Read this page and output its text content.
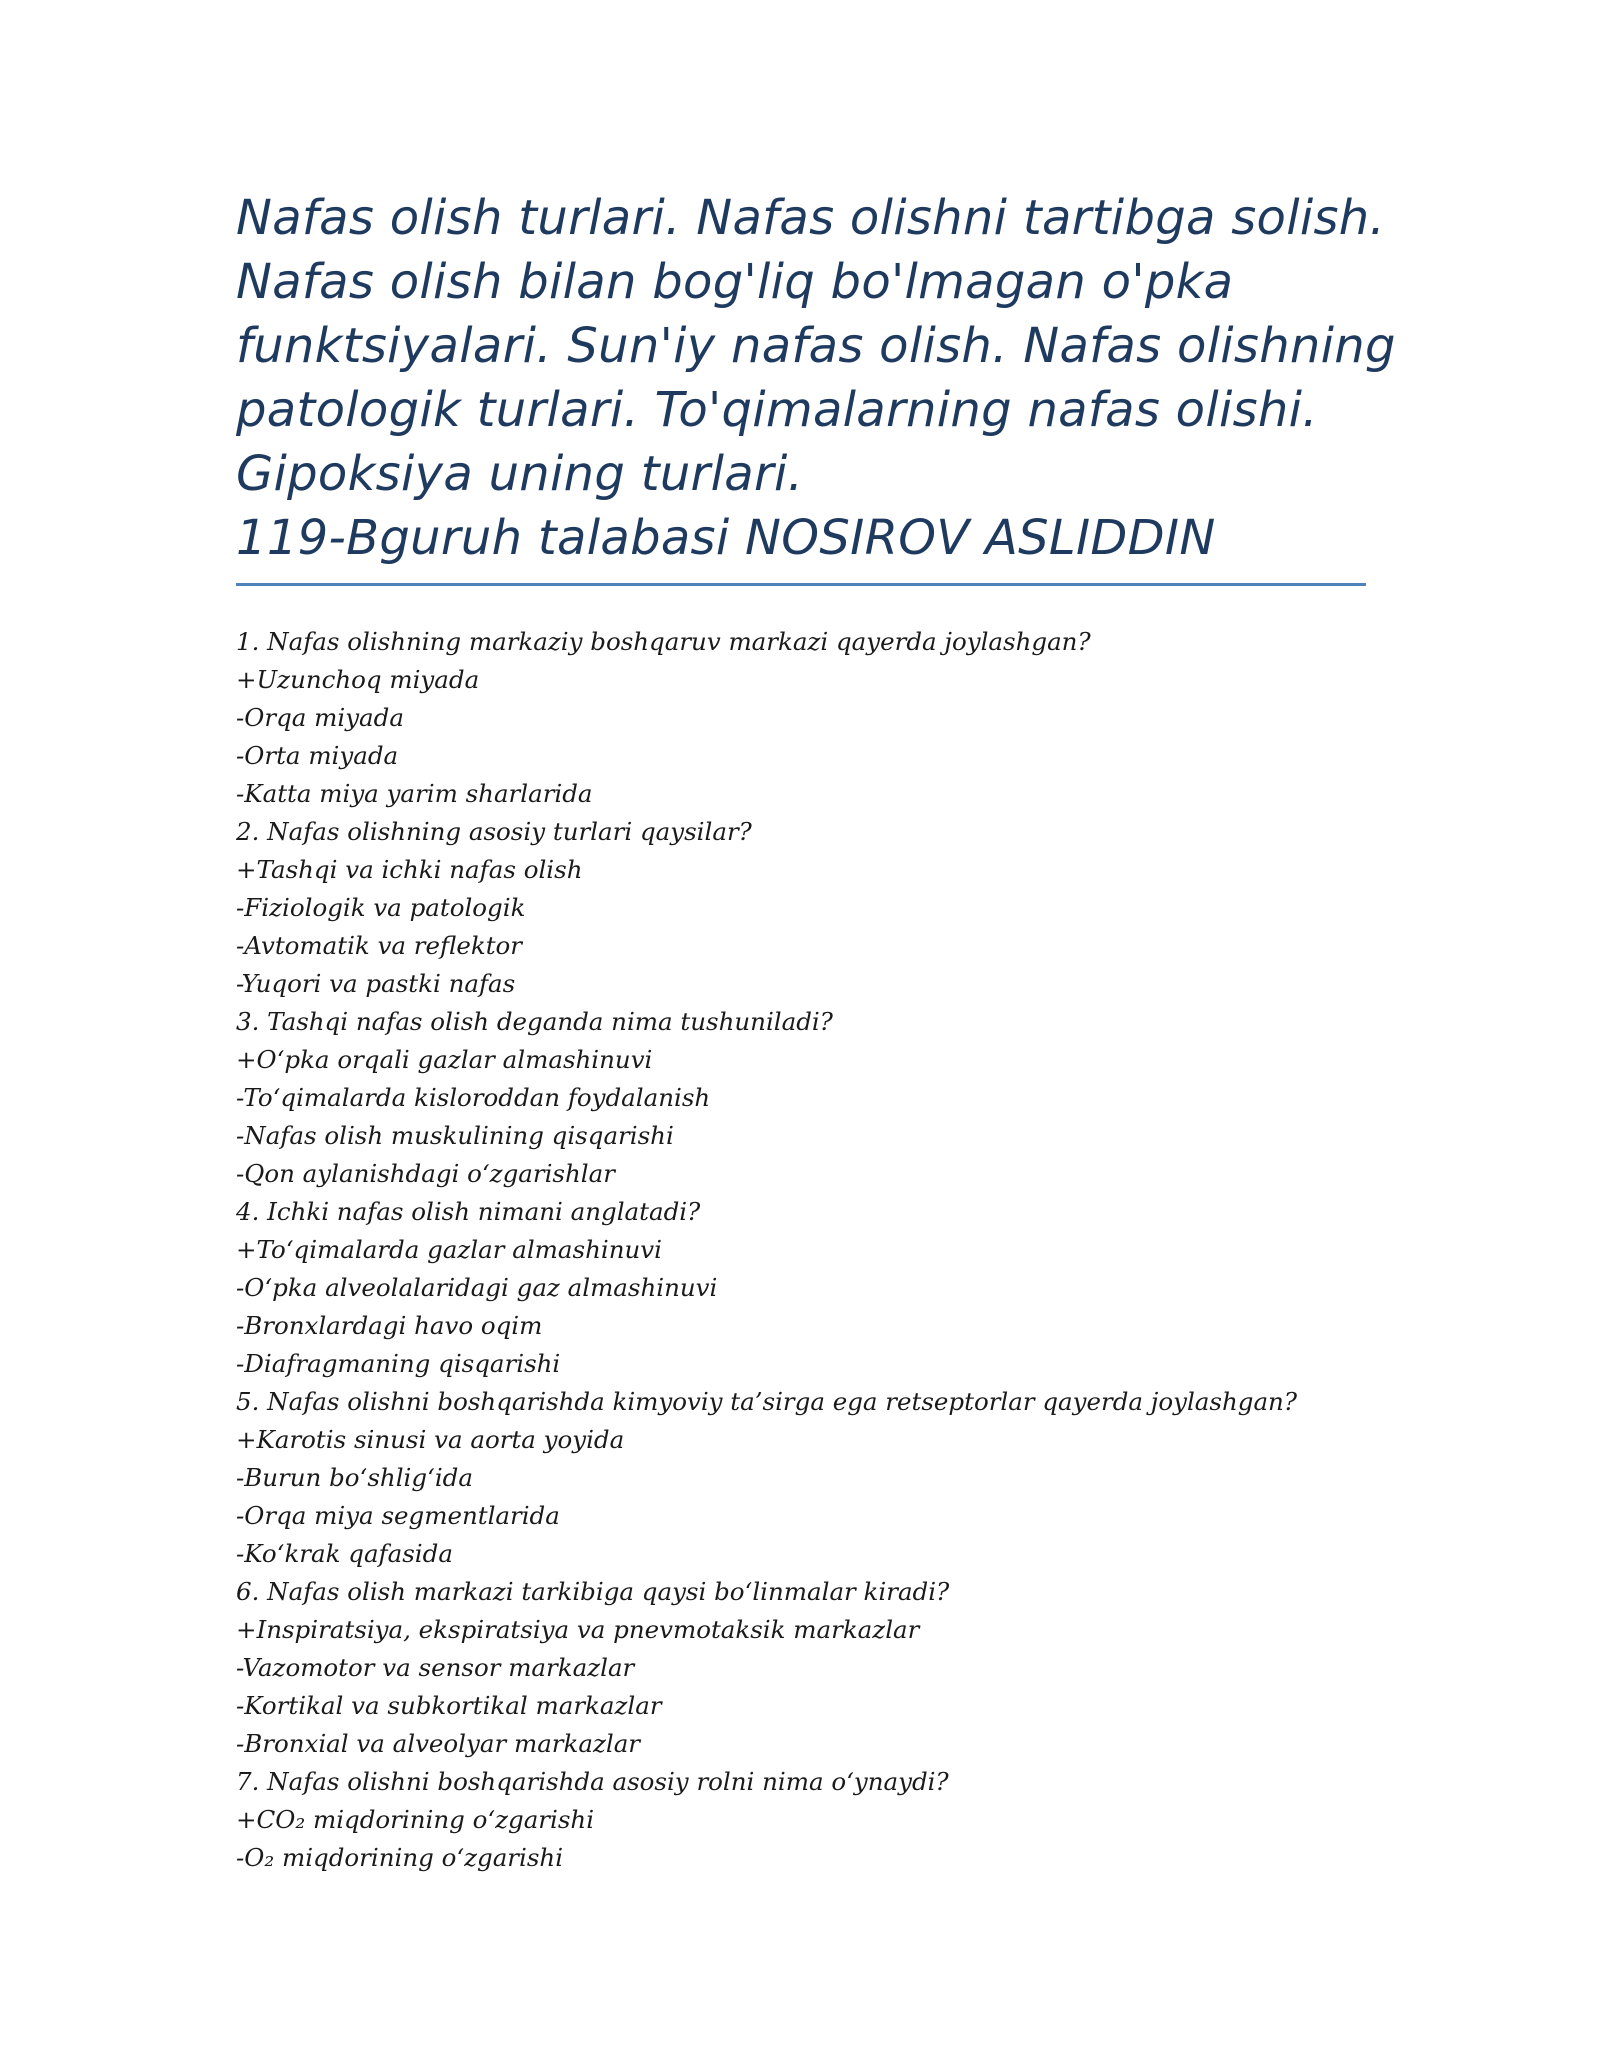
Nafas olish turlari. Nafas olishni tartibga solish.
Nafas olish bilan bog'liq bo'lmagan o'pka
funktsiyalari. Sun'iy nafas olish. Nafas olishning
patologik turlari. To'qimalarning nafas olishi.
Gipoksiya uning turlari.
119-Bguruh talabasi NOSIROV ASLIDDIN
1. Nafas olishning markaziy boshqaruv markazi qayerda joylashgan?
+Uzunchoq miyada
-Orqa miyada
-Orta miyada
-Katta miya yarim sharlarida
2. Nafas olishning asosiy turlari qaysilar?
+Tashqi va ichki nafas olish
-Fiziologik va patologik
-Avtomatik va reflektor
-Yuqori va pastki nafas
3. Tashqi nafas olish deganda nima tushuniladi?
+O‘pka orqali gazlar almashinuvi
-To‘qimalarda kisloroddan foydalanish
-Nafas olish muskulining qisqarishi
-Qon aylanishdagi o‘zgarishlar
4. Ichki nafas olish nimani anglatadi?
+To‘qimalarda gazlar almashinuvi
-O‘pka alveolalaridagi gaz almashinuvi
-Bronxlardagi havo oqim
-Diafragmaning qisqarishi
5. Nafas olishni boshqarishda kimyoviy ta’sirga ega retseptorlar qayerda joylashgan?
+Karotis sinusi va aorta yoyida
-Burun bo‘shlig‘ida
-Orqa miya segmentlarida
-Ko‘krak qafasida
6. Nafas olish markazi tarkibiga qaysi bo‘linmalar kiradi?
+Inspiratsiya, ekspiratsiya va pnevmotaksik markazlar
-Vazomotor va sensor markazlar
-Kortikal va subkortikal markazlar
-Bronxial va alveolyar markazlar
7. Nafas olishni boshqarishda asosiy rolni nima o‘ynaydi?
+CO₂ miqdorining o‘zgarishi
-O₂ miqdorining o‘zgarishi
